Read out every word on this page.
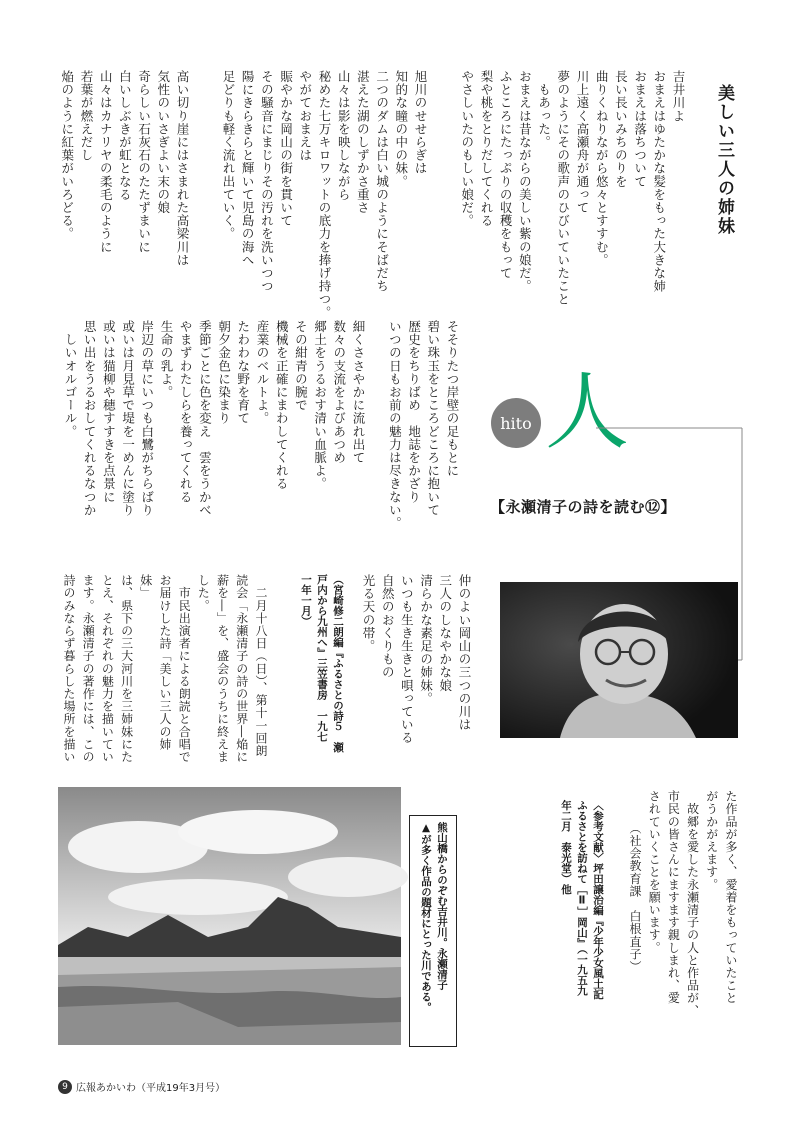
美しい三人の姉妹
吉井川よ
おまえはゆたかな髪をもった大きな姉
おまえは落ちついて
長い長いみちのりを
曲りくねりながら悠々とすすむ。
川上遠く高瀬舟が通って
夢のようにその歌声のひびいていたこと
　もあった。
おまえは昔ながらの美しい紫の娘だ。
ふところにたっぷりの収穫をもって
梨や桃をとりだしてくれる
やさしいたのもしい娘だ。
旭川のせせらぎは
知的な瞳の中の妹。
二つのダムは白い城のようにそばだち
湛えた湖のしずかさ重さ
山々は影を映しながら
秘めた七万キロワットの底力を捧げ持つ。
やがておまえは
賑やかな岡山の街を貫いて
その騒音にまじりその汚れを洗いつつ
陽にきらきらと輝いて児島の海へ
足どりも軽く流れ出ていく。
高い切り崖にはさまれた高梁川は
気性のいさぎよい末の娘
奇らしい石灰石のたたずまいに
白いしぶきが虹となる
山々はカナリヤの柔毛のように
若葉が燃えだし
焔のように紅葉がいろどる。
そそりたつ岸壁の足もとに
碧い珠玉をところどころに抱いて
歴史をちりばめ　地誌をかざり
いつの日もお前の魅力は尽きない。
細くささやかに流れ出て
数々の支流をよびあつめ
郷土をうるおす清い血脈よ。
その紺青の腕で
機械を正確にまわしてくれる
産業のベルトよ。
たわわな野を育て
朝夕金色に染まり
季節ごとに色を変え　雲をうかべ
やまずわたしらを養ってくれる
生命の乳よ。
岸辺の草にいつも白鷺がちらばり
或いは月見草で堤を一めんに塗り
或いは猫柳や穂すすきを点景に
思い出をうるおしてくれるなつか
　しいオルゴール。	hito 人
【永瀬清子の詩を読む⑫】
仲のよい岡山の三つの川は
三人のしなやかな娘
清らかな素足の姉妹。
いつも生き生きと唄っている
自然のおくりもの
光る天の帯。
（宮崎修二朗編『ふるさとの詩５　瀬
戸内から九州へ』三笠書房　一九七
一年一月）
　二月十八日（日）、第十一回朗
読会「永瀬清子の詩の世界―焔に
薪を―」を、盛会のうちに終えま
した。
　市民出演者による朗読と合唱で
お届けした詩「美しい三人の姉妹」
は、県下の三大河川を三姉妹にた
とえ、それぞれの魅力を描いてい
ます。永瀬清子の著作には、この
詩のみならず暮らした場所を描い
熊山橋からのぞむ吉井川。永瀬清子
▲が多く作品の題材にとった川である。	た作品が多く、愛着をもっていたこと
がうかがえます。
　故郷を愛した永瀬清子の人と作品が、
市民の皆さんにますます親しまれ、愛
されていくことを願います。
　　　（社会教育課　白根直子）
〈参考文献〉坪田譲治編『少年少女風土記
ふるさとを訪ねて［Ⅱ］岡山』（一九五九
年二月　泰光堂）他
9 広報あかいわ（平成19年3月号）
